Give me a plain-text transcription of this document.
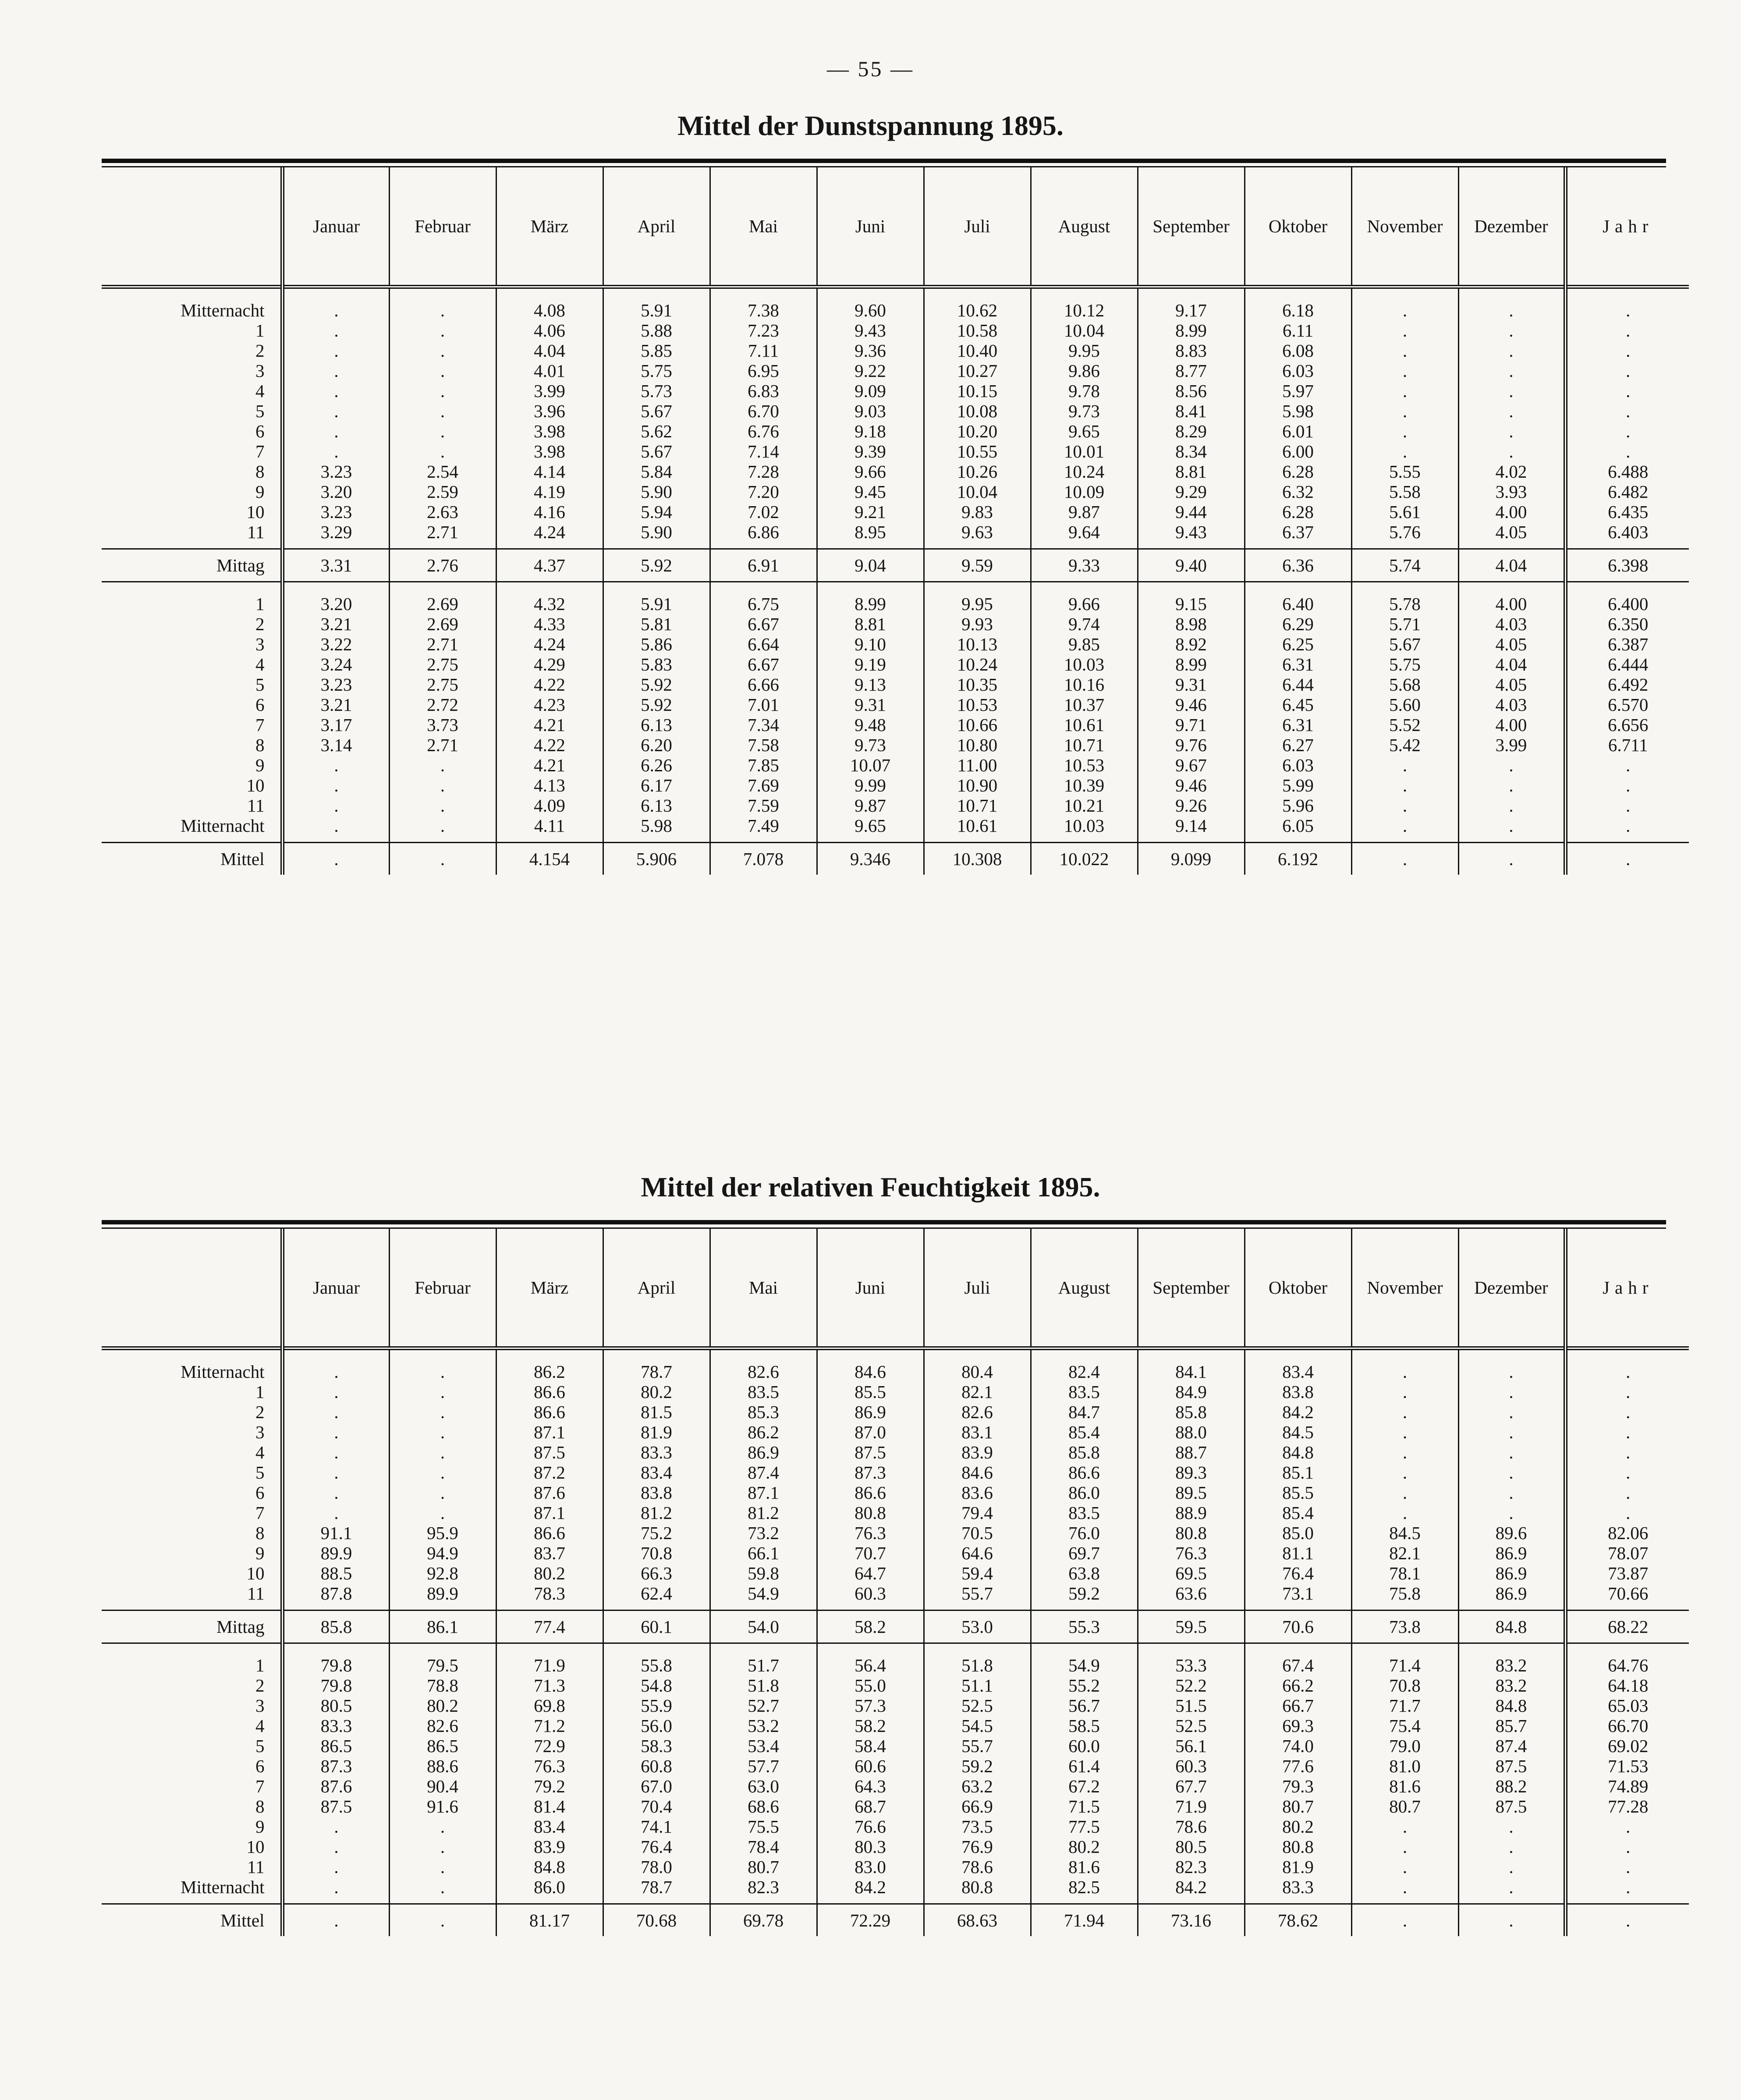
— 55 —
Mittel der Dunstspannung 1895.
	Januar	Februar	März	April	Mai	Juni	Juli	August	September	Oktober	November	Dezember	Jahr

Mitternacht	.	.	4.08	5.91	7.38	9.60	10.62	10.12	9.17	6.18	.	.	.
1	.	.	4.06	5.88	7.23	9.43	10.58	10.04	8.99	6.11	.	.	.
2	.	.	4.04	5.85	7.11	9.36	10.40	9.95	8.83	6.08	.	.	.
3	.	.	4.01	5.75	6.95	9.22	10.27	9.86	8.77	6.03	.	.	.
4	.	.	3.99	5.73	6.83	9.09	10.15	9.78	8.56	5.97	.	.	.
5	.	.	3.96	5.67	6.70	9.03	10.08	9.73	8.41	5.98	.	.	.
6	.	.	3.98	5.62	6.76	9.18	10.20	9.65	8.29	6.01	.	.	.
7	.	.	3.98	5.67	7.14	9.39	10.55	10.01	8.34	6.00	.	.	.
8	3.23	2.54	4.14	5.84	7.28	9.66	10.26	10.24	8.81	6.28	5.55	4.02	6.488
9	3.20	2.59	4.19	5.90	7.20	9.45	10.04	10.09	9.29	6.32	5.58	3.93	6.482
10	3.23	2.63	4.16	5.94	7.02	9.21	9.83	9.87	9.44	6.28	5.61	4.00	6.435
11	3.29	2.71	4.24	5.90	6.86	8.95	9.63	9.64	9.43	6.37	5.76	4.05	6.403

Mittag	3.31	2.76	4.37	5.92	6.91	9.04	9.59	9.33	9.40	6.36	5.74	4.04	6.398

1	3.20	2.69	4.32	5.91	6.75	8.99	9.95	9.66	9.15	6.40	5.78	4.00	6.400
2	3.21	2.69	4.33	5.81	6.67	8.81	9.93	9.74	8.98	6.29	5.71	4.03	6.350
3	3.22	2.71	4.24	5.86	6.64	9.10	10.13	9.85	8.92	6.25	5.67	4.05	6.387
4	3.24	2.75	4.29	5.83	6.67	9.19	10.24	10.03	8.99	6.31	5.75	4.04	6.444
5	3.23	2.75	4.22	5.92	6.66	9.13	10.35	10.16	9.31	6.44	5.68	4.05	6.492
6	3.21	2.72	4.23	5.92	7.01	9.31	10.53	10.37	9.46	6.45	5.60	4.03	6.570
7	3.17	3.73	4.21	6.13	7.34	9.48	10.66	10.61	9.71	6.31	5.52	4.00	6.656
8	3.14	2.71	4.22	6.20	7.58	9.73	10.80	10.71	9.76	6.27	5.42	3.99	6.711
9	.	.	4.21	6.26	7.85	10.07	11.00	10.53	9.67	6.03	.	.	.
10	.	.	4.13	6.17	7.69	9.99	10.90	10.39	9.46	5.99	.	.	.
11	.	.	4.09	6.13	7.59	9.87	10.71	10.21	9.26	5.96	.	.	.
Mitternacht	.	.	4.11	5.98	7.49	9.65	10.61	10.03	9.14	6.05	.	.	.

Mittel	.	.	4.154	5.906	7.078	9.346	10.308	10.022	9.099	6.192	.	.	.
Mittel der relativen Feuchtigkeit 1895.
	Januar	Februar	März	April	Mai	Juni	Juli	August	September	Oktober	November	Dezember	Jahr

Mitternacht	.	.	86.2	78.7	82.6	84.6	80.4	82.4	84.1	83.4	.	.	.
1	.	.	86.6	80.2	83.5	85.5	82.1	83.5	84.9	83.8	.	.	.
2	.	.	86.6	81.5	85.3	86.9	82.6	84.7	85.8	84.2	.	.	.
3	.	.	87.1	81.9	86.2	87.0	83.1	85.4	88.0	84.5	.	.	.
4	.	.	87.5	83.3	86.9	87.5	83.9	85.8	88.7	84.8	.	.	.
5	.	.	87.2	83.4	87.4	87.3	84.6	86.6	89.3	85.1	.	.	.
6	.	.	87.6	83.8	87.1	86.6	83.6	86.0	89.5	85.5	.	.	.
7	.	.	87.1	81.2	81.2	80.8	79.4	83.5	88.9	85.4	.	.	.
8	91.1	95.9	86.6	75.2	73.2	76.3	70.5	76.0	80.8	85.0	84.5	89.6	82.06
9	89.9	94.9	83.7	70.8	66.1	70.7	64.6	69.7	76.3	81.1	82.1	86.9	78.07
10	88.5	92.8	80.2	66.3	59.8	64.7	59.4	63.8	69.5	76.4	78.1	86.9	73.87
11	87.8	89.9	78.3	62.4	54.9	60.3	55.7	59.2	63.6	73.1	75.8	86.9	70.66

Mittag	85.8	86.1	77.4	60.1	54.0	58.2	53.0	55.3	59.5	70.6	73.8	84.8	68.22

1	79.8	79.5	71.9	55.8	51.7	56.4	51.8	54.9	53.3	67.4	71.4	83.2	64.76
2	79.8	78.8	71.3	54.8	51.8	55.0	51.1	55.2	52.2	66.2	70.8	83.2	64.18
3	80.5	80.2	69.8	55.9	52.7	57.3	52.5	56.7	51.5	66.7	71.7	84.8	65.03
4	83.3	82.6	71.2	56.0	53.2	58.2	54.5	58.5	52.5	69.3	75.4	85.7	66.70
5	86.5	86.5	72.9	58.3	53.4	58.4	55.7	60.0	56.1	74.0	79.0	87.4	69.02
6	87.3	88.6	76.3	60.8	57.7	60.6	59.2	61.4	60.3	77.6	81.0	87.5	71.53
7	87.6	90.4	79.2	67.0	63.0	64.3	63.2	67.2	67.7	79.3	81.6	88.2	74.89
8	87.5	91.6	81.4	70.4	68.6	68.7	66.9	71.5	71.9	80.7	80.7	87.5	77.28
9	.	.	83.4	74.1	75.5	76.6	73.5	77.5	78.6	80.2	.	.	.
10	.	.	83.9	76.4	78.4	80.3	76.9	80.2	80.5	80.8	.	.	.
11	.	.	84.8	78.0	80.7	83.0	78.6	81.6	82.3	81.9	.	.	.
Mitternacht	.	.	86.0	78.7	82.3	84.2	80.8	82.5	84.2	83.3	.	.	.

Mittel	.	.	81.17	70.68	69.78	72.29	68.63	71.94	73.16	78.62	.	.	.
